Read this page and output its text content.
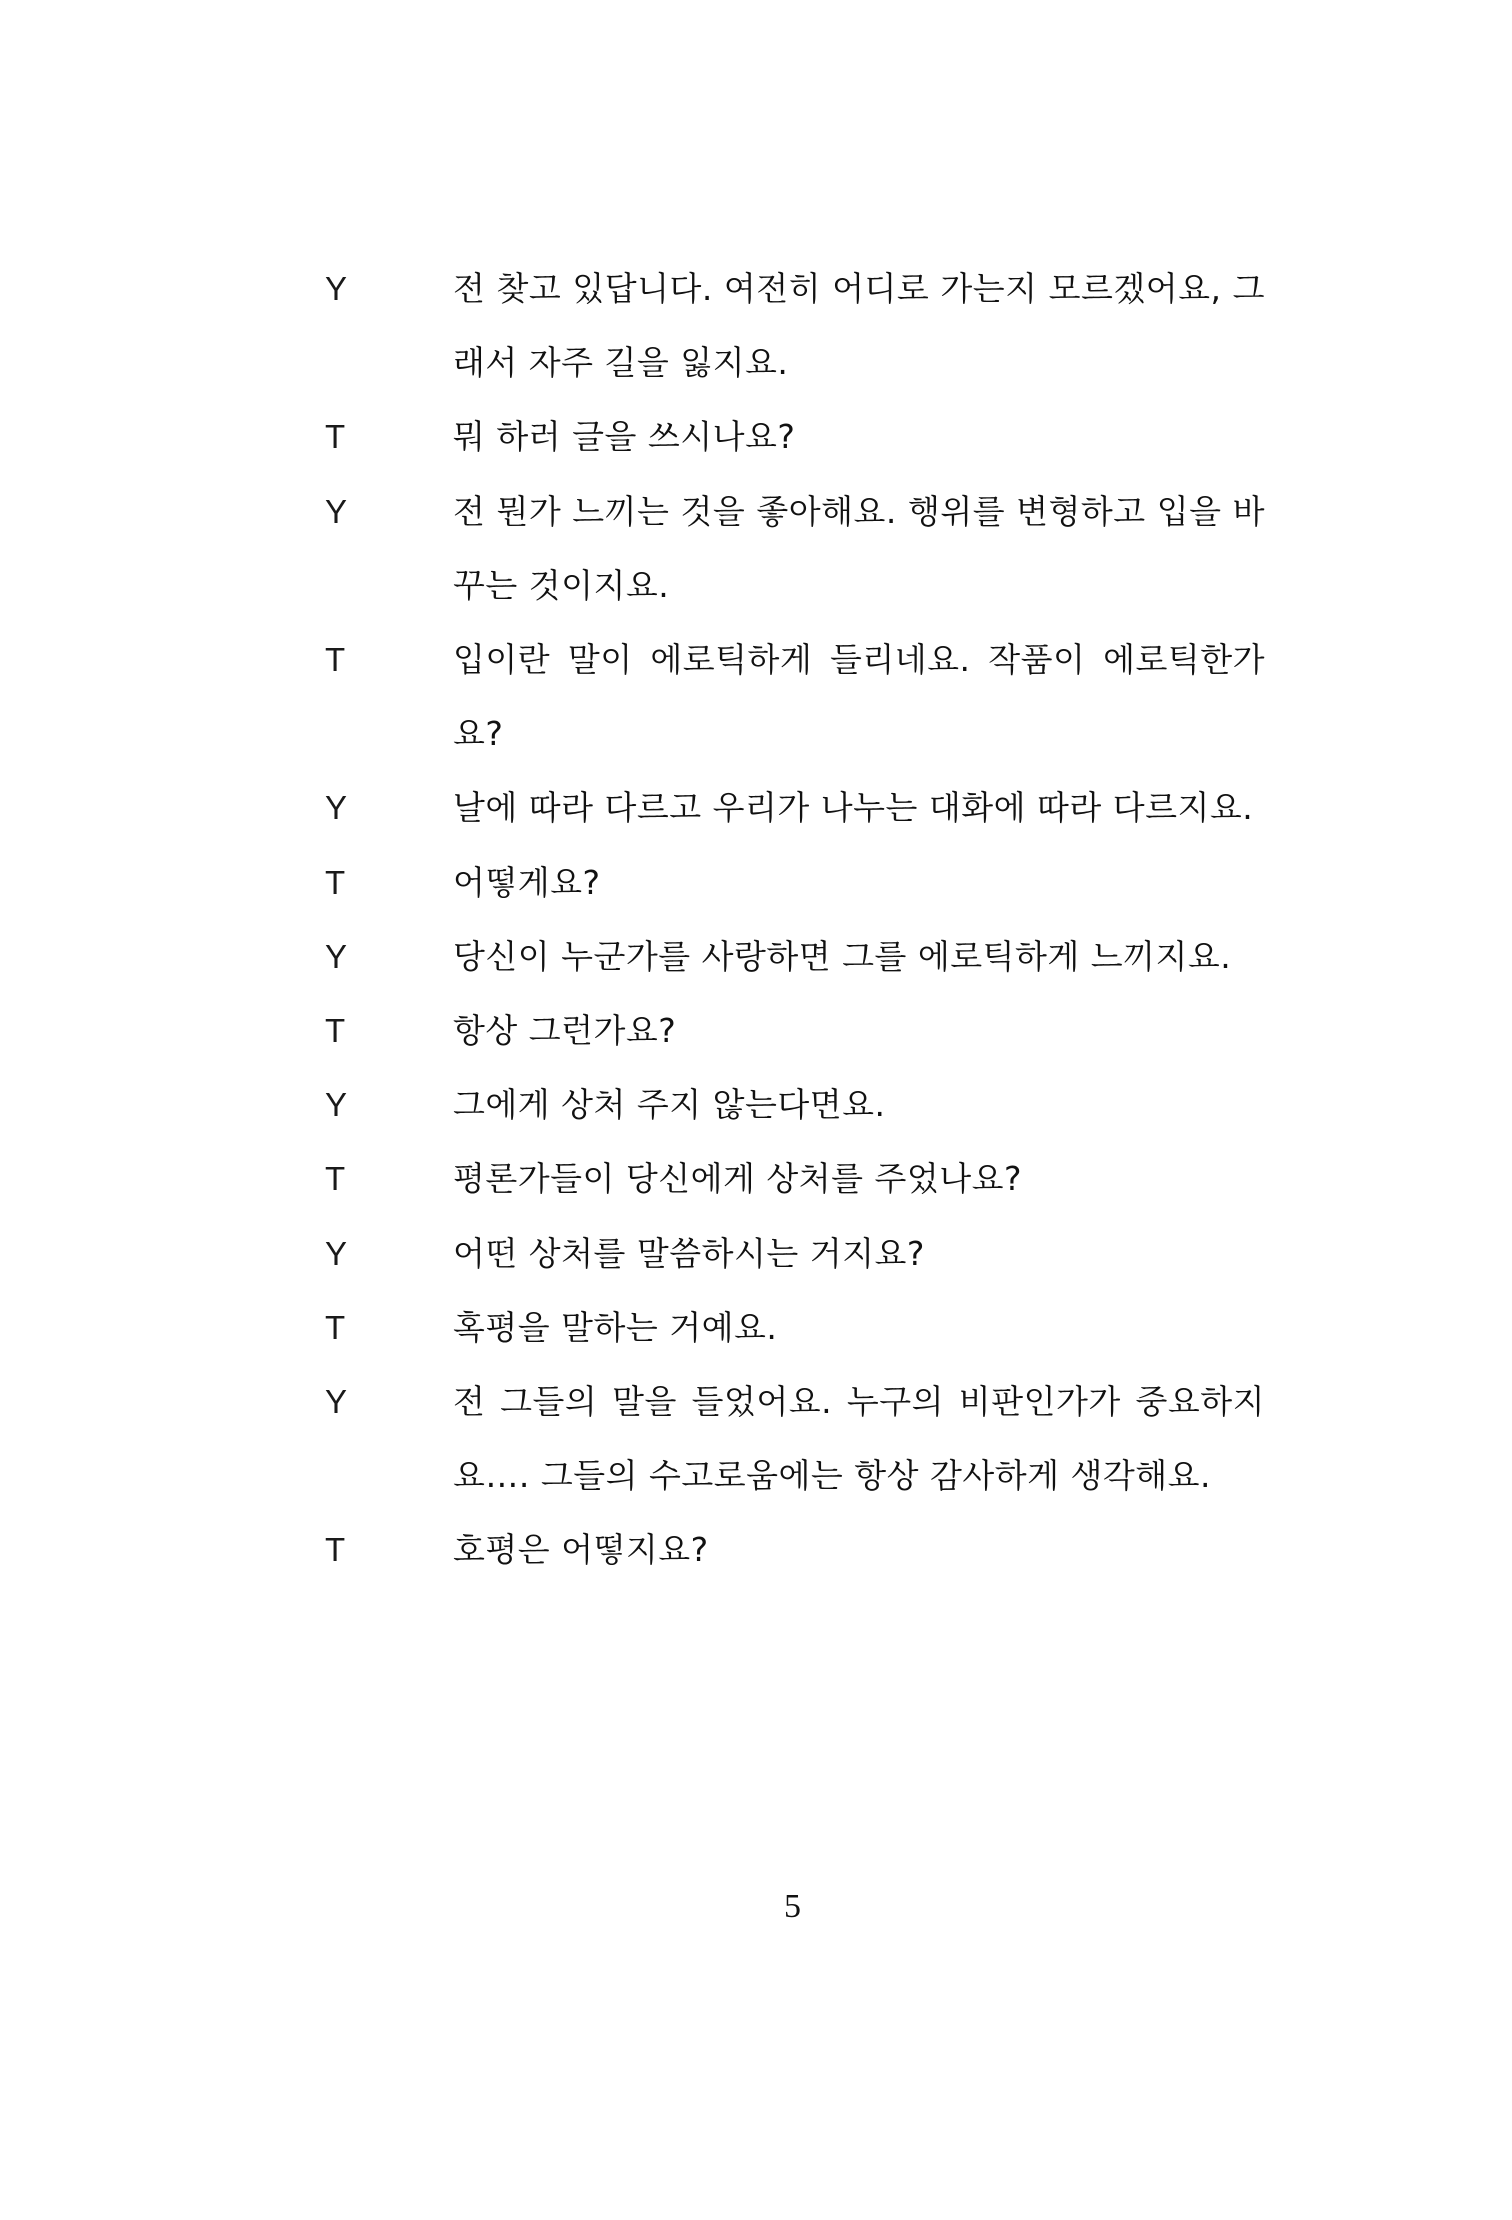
Y	전 찾고 있답니다. 여전히 어디로 가는지 모르겠어요, 그래서 자주 길을 잃지요.
T	뭐 하러 글을 쓰시나요?
Y	전 뭔가 느끼는 것을 좋아해요. 행위를 변형하고 입을 바꾸는 것이지요.
T	입이란 말이 에로틱하게 들리네요. 작품이 에로틱한가요?
Y	날에 따라 다르고 우리가 나누는 대화에 따라 다르지요.
T	어떻게요?
Y	당신이 누군가를 사랑하면 그를 에로틱하게 느끼지요.
T	항상 그런가요?
Y	그에게 상처 주지 않는다면요.
T	평론가들이 당신에게 상처를 주었나요?
Y	어떤 상처를 말씀하시는 거지요?
T	혹평을 말하는 거예요.
Y	전 그들의 말을 들었어요. 누구의 비판인가가 중요하지요…. 그들의 수고로움에는 항상 감사하게 생각해요.
T	호평은 어떻지요?
5
